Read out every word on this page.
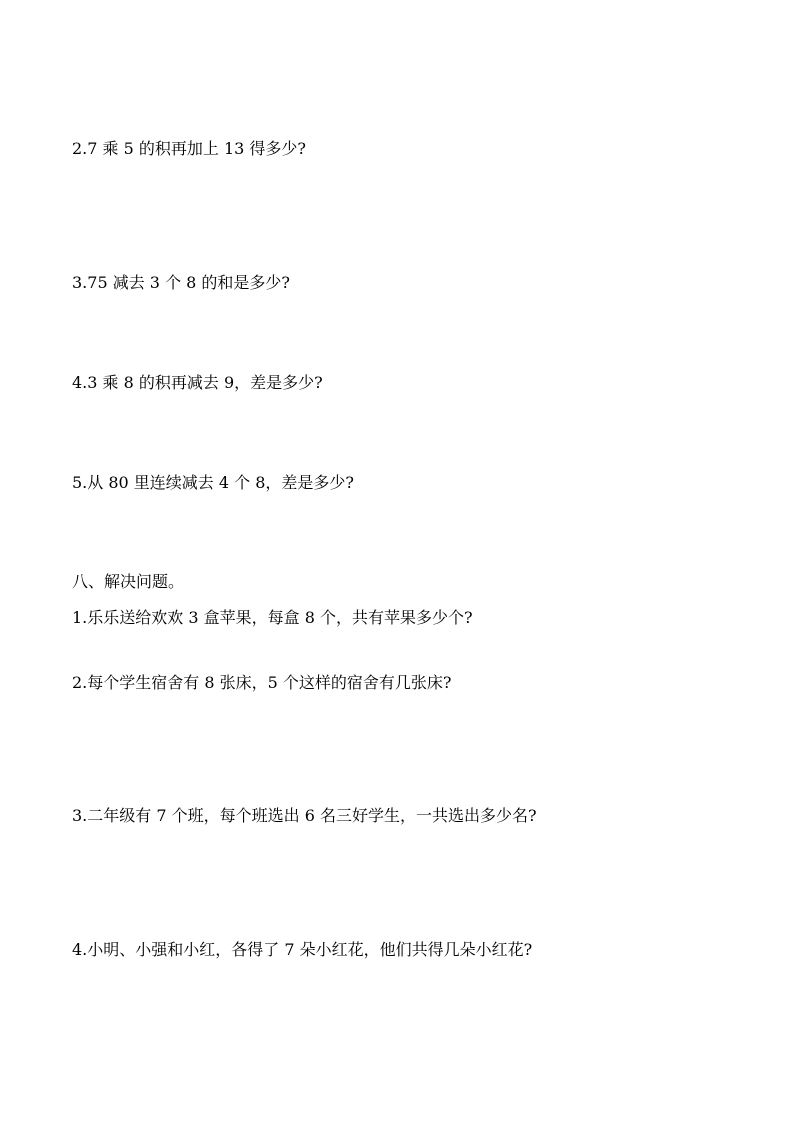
2.7 乘 5 的积再加上 13 得多少?
3.75 减去 3 个 8 的和是多少?
4.3 乘 8 的积再减去 9，差是多少?
5.从 80 里连续减去 4 个 8，差是多少?
八、解决问题。
1.乐乐送给欢欢 3 盒苹果，每盒 8 个，共有苹果多少个?
2.每个学生宿舍有 8 张床，5 个这样的宿舍有几张床?
3.二年级有 7 个班，每个班选出 6 名三好学生，一共选出多少名?
4.小明、小强和小红，各得了 7 朵小红花，他们共得几朵小红花?
